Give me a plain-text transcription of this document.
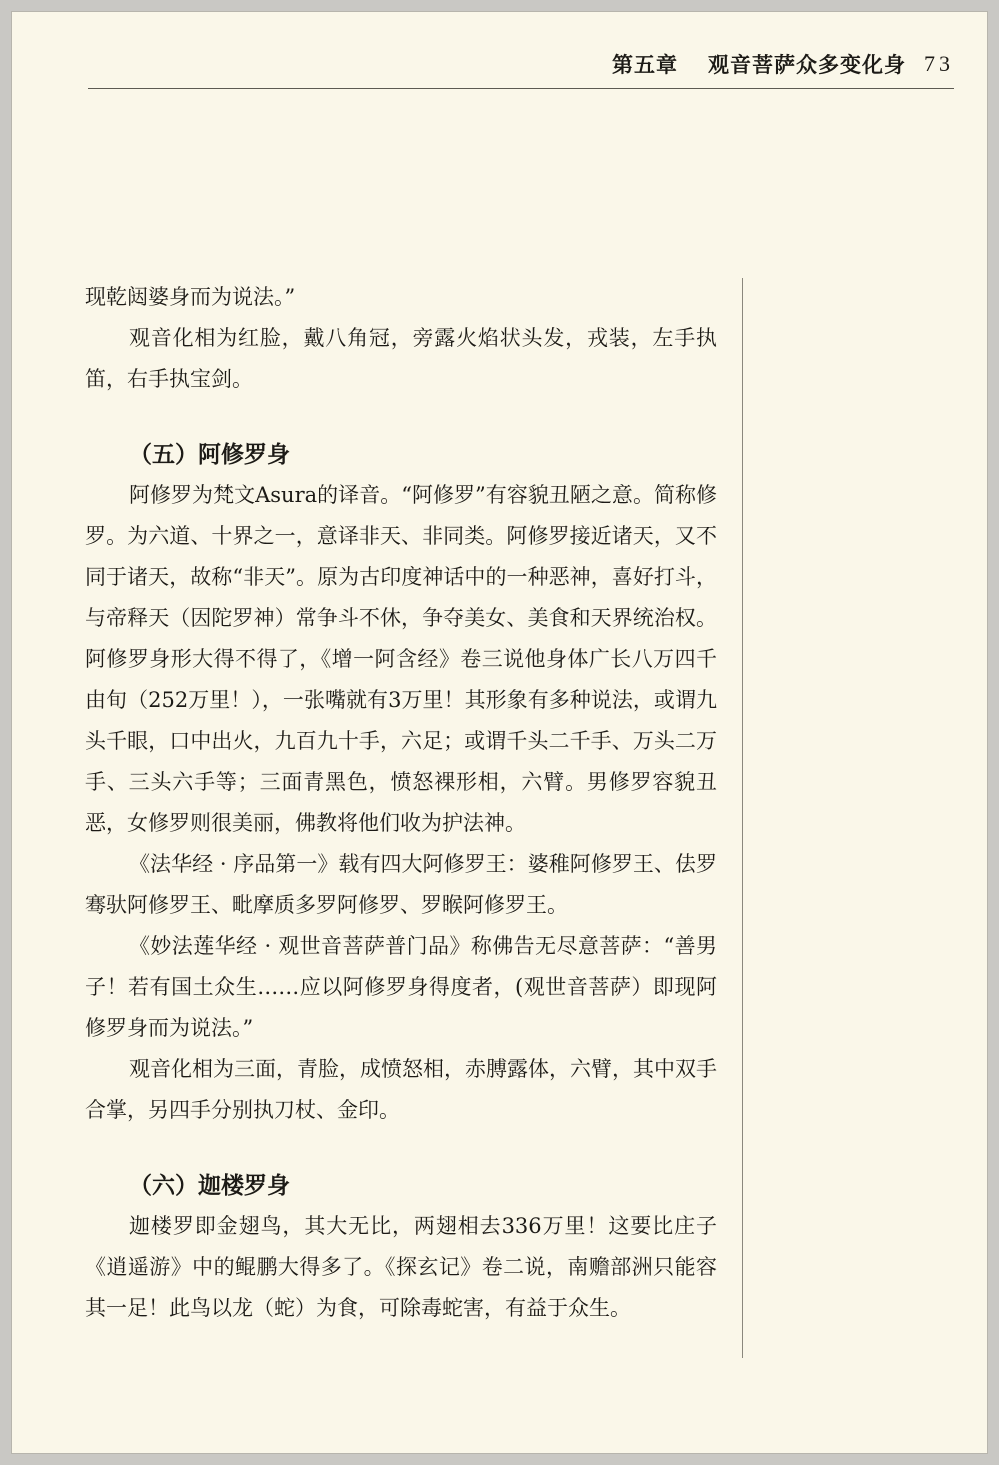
第五章 观音菩萨众多变化身 73

现乾闼婆身而为说法。”

观音化相为红脸，戴八角冠，旁露火焰状头发，戎装，左手执笛，右手执宝剑。

（五）阿修罗身

阿修罗为梵文Asura的译音。“阿修罗”有容貌丑陋之意。简称修罗。为六道、十界之一，意译非天、非同类。阿修罗接近诸天，又不同于诸天，故称“非天”。原为古印度神话中的一种恶神，喜好打斗，与帝释天（因陀罗神）常争斗不休，争夺美女、美食和天界统治权。阿修罗身形大得不得了，《增一阿含经》卷三说他身体广长八万四千由旬（252万里！），一张嘴就有3万里！其形象有多种说法，或谓九头千眼，口中出火，九百九十手，六足；或谓千头二千手、万头二万手、三头六手等；三面青黑色，愤怒裸形相，六臂。男修罗容貌丑恶，女修罗则很美丽，佛教将他们收为护法神。

《法华经 · 序品第一》载有四大阿修罗王：婆稚阿修罗王、佉罗骞驮阿修罗王、毗摩质多罗阿修罗、罗睺阿修罗王。

《妙法莲华经 · 观世音菩萨普门品》称佛告无尽意菩萨：“善男子！若有国土众生……应以阿修罗身得度者，(观世音菩萨）即现阿修罗身而为说法。”

观音化相为三面，青脸，成愤怒相，赤膊露体，六臂，其中双手合掌，另四手分别执刀杖、金印。

（六）迦楼罗身

迦楼罗即金翅鸟，其大无比，两翅相去336万里！这要比庄子《逍遥游》中的鲲鹏大得多了。《探玄记》卷二说，南赡部洲只能容其一足！此鸟以龙（蛇）为食，可除毒蛇害，有益于众生。
